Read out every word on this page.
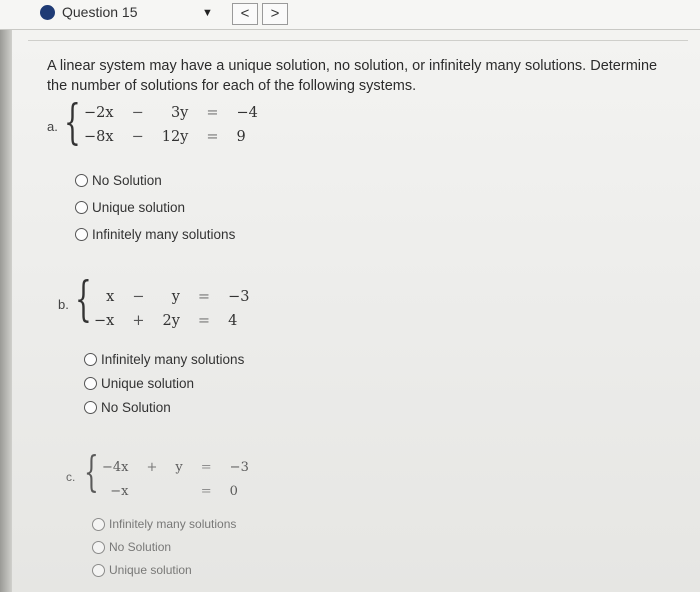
Question 15	▼	<	>
A linear system may have a unique solution, no solution, or infinitely many solutions. Determine the number of solutions for each of the following systems.
a. { −2x	−	3y	=	−4
−8x	−	12y	=	9
No Solution
Unique solution
Infinitely many solutions
b. { x	−	y	=	−3
−x	+	2y	=	4
Infinitely many solutions
Unique solution
No Solution
c. { −4x	+	y	=	−3
−x			=	0
Infinitely many solutions
No Solution
Unique solution
